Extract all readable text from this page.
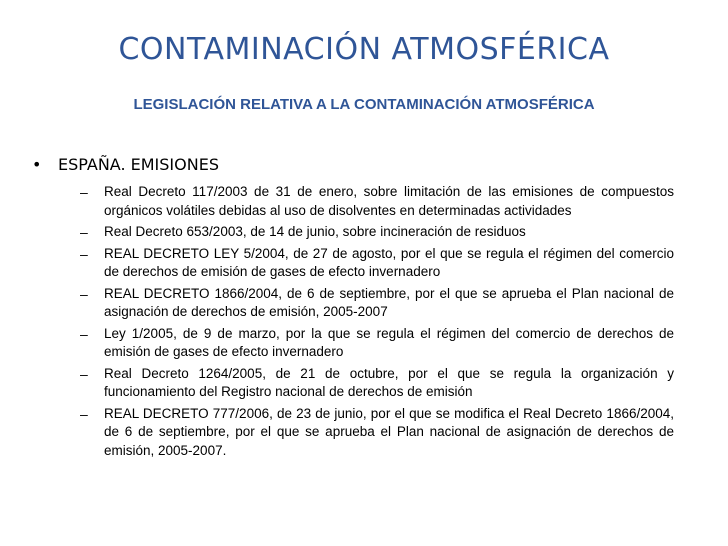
CONTAMINACIÓN ATMOSFÉRICA
LEGISLACIÓN RELATIVA A LA CONTAMINACIÓN ATMOSFÉRICA
•	ESPAÑA. EMISIONES
– Real Decreto 117/2003 de 31 de enero, sobre limitación de las emisiones de compuestos orgánicos volátiles debidas al uso de disolventes en determinadas actividades
– Real Decreto 653/2003, de 14 de junio, sobre incineración de residuos
– REAL DECRETO LEY 5/2004, de 27 de agosto, por el que se regula el régimen del comercio de derechos de emisión de gases de efecto invernadero
– REAL DECRETO 1866/2004, de 6 de septiembre, por el que se aprueba el Plan nacional de asignación de derechos de emisión, 2005-2007
– Ley 1/2005, de 9 de marzo, por la que se regula el régimen del comercio de derechos de emisión de gases de efecto invernadero
– Real Decreto 1264/2005, de 21 de octubre, por el que se regula la organización y funcionamiento del Registro nacional de derechos de emisión
– REAL DECRETO 777/2006, de 23 de junio, por el que se modifica el Real Decreto 1866/2004, de 6 de septiembre, por el que se aprueba el Plan nacional de asignación de derechos de emisión, 2005-2007.
